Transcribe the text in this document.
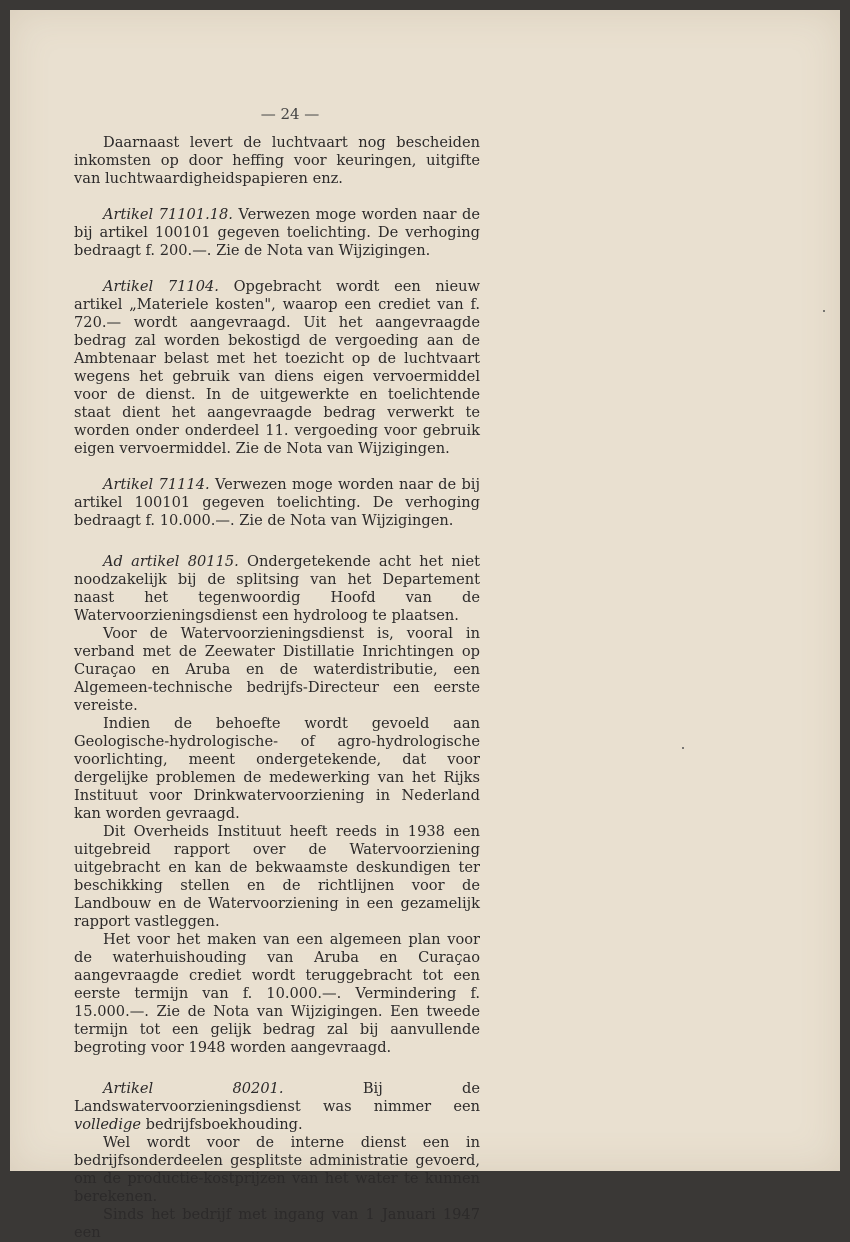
— 24 —

Daarnaast levert de luchtvaart nog bescheiden inkomsten op door heffing voor keuringen, uitgifte van luchtwaardigheidspapieren enz.

Artikel 71101.18. Verwezen moge worden naar de bij artikel 100101 gegeven toelichting. De verhoging bedraagt f. 200.—. Zie de Nota van Wijzigingen.

Artikel 71104. Opgebracht wordt een nieuw artikel „Materiele kosten", waarop een crediet van f. 720.— wordt aangevraagd. Uit het aangevraagde bedrag zal worden bekostigd de vergoeding aan de Ambtenaar belast met het toezicht op de luchtvaart wegens het gebruik van diens eigen vervoermiddel voor de dienst. In de uitgewerkte en toelichtende staat dient het aangevraagde bedrag verwerkt te worden onder onderdeel 11. vergoeding voor gebruik eigen vervoermiddel. Zie de Nota van Wijzigingen.

Artikel 71114. Verwezen moge worden naar de bij artikel 100101 gegeven toelichting. De verhoging bedraagt f. 10.000.—. Zie de Nota van Wijzigingen.

Ad artikel 80115. Ondergetekende acht het niet noodzakelijk bij de splitsing van het Departement naast het tegenwoordig Hoofd van de Watervoorzieningsdienst een hydroloog te plaatsen.

Voor de Watervoorzieningsdienst is, vooral in verband met de Zeewater Distillatie Inrichtingen op Curaçao en Aruba en de waterdistributie, een Algemeen-technische bedrijfs-Directeur een eerste vereiste.

Indien de behoefte wordt gevoeld aan Geologische-hydrologische- of agro-hydrologische voorlichting, meent ondergetekende, dat voor dergelijke problemen de medewerking van het Rijks Instituut voor Drinkwatervoorziening in Nederland kan worden gevraagd.

Dit Overheids Instituut heeft reeds in 1938 een uitgebreid rapport over de Watervoorziening uitgebracht en kan de bekwaamste deskundigen ter beschikking stellen en de richtlijnen voor de Landbouw en de Watervoorziening in een gezamelijk rapport vastleggen.

Het voor het maken van een algemeen plan voor de waterhuishouding van Aruba en Curaçao aangevraagde crediet wordt teruggebracht tot een eerste termijn van f. 10.000.—. Vermindering f. 15.000.—. Zie de Nota van Wijzigingen. Een tweede termijn tot een gelijk bedrag zal bij aanvullende begroting voor 1948 worden aangevraagd.

Artikel 80201. Bij de Landswatervoorzieningsdienst was nimmer een volledige bedrijfsboekhouding.

Wel wordt voor de interne dienst een in bedrijfsonderdeelen gesplitste administratie gevoerd, om de productie-kostprijzen van het water te kunnen berekenen.

Sinds het bedrijf met ingang van 1 Januari 1947 een
